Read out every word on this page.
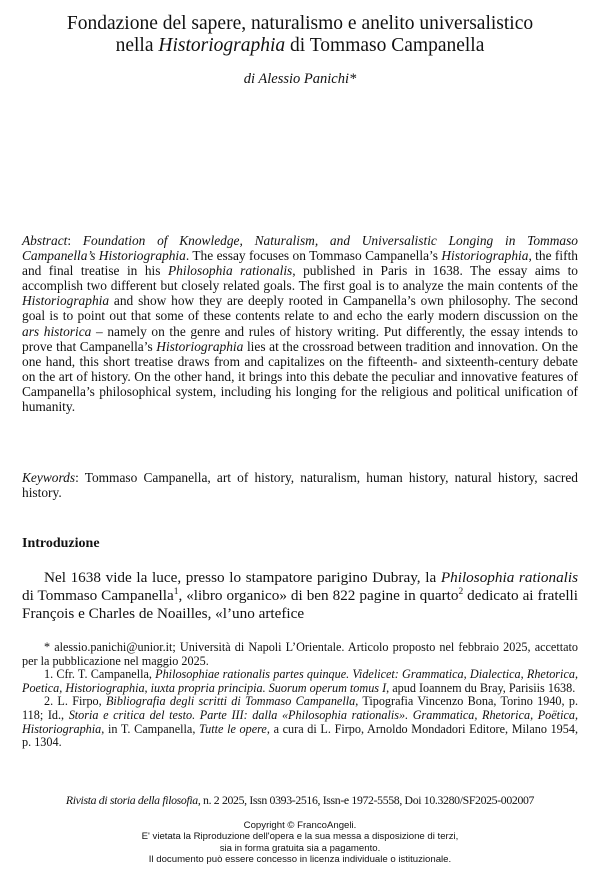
Fondazione del sapere, naturalismo e anelito universalistico
nella Historiographia di Tommaso Campanella
di Alessio Panichi*

Abstract: Foundation of Knowledge, Naturalism, and Universalistic Longing in Tommaso Campanella’s Historiographia. The essay focuses on Tommaso Campanella’s Historiographia, the fifth and final treatise in his Philosophia rationalis, published in Paris in 1638. The essay aims to accomplish two different but closely related goals. The first goal is to analyze the main contents of the Historiographia and show how they are deeply rooted in Campanella’s own philosophy. The second goal is to point out that some of these contents relate to and echo the early modern discussion on the ars historica – namely on the genre and rules of history writing. Put differently, the essay intends to prove that Campanella’s Historiographia lies at the crossroad between tradition and innovation. On the one hand, this short treatise draws from and capitalizes on the fifteenth- and sixteenth-century debate on the art of history. On the other hand, it brings into this debate the peculiar and innovative features of Campanella’s philosophical system, including his longing for the religious and political unification of humanity.

Keywords: Tommaso Campanella, art of history, naturalism, human history, natural history, sacred history.

Introduzione

Nel 1638 vide la luce, presso lo stampatore parigino Dubray, la Philosophia rationalis di Tommaso Campanella$^1$, «libro organico» di ben 822 pagine in quarto$^2$ dedicato ai fratelli François e Charles de Noailles, «l’uno artefice

* alessio.panichi@unior.it; Università di Napoli L’Orientale. Articolo proposto nel febbraio 2025, accettato per la pubblicazione nel maggio 2025.

1. Cfr. T. Campanella, Philosophiae rationalis partes quinque. Videlicet: Grammatica, Dialectica, Rhetorica, Poetica, Historiographia, iuxta propria principia. Suorum operum tomus I, apud Ioannem du Bray, Parisiis 1638.

2. L. Firpo, Bibliografia degli scritti di Tommaso Campanella, Tipografia Vincenzo Bona, Torino 1940, p. 118; Id., Storia e critica del testo. Parte III: dalla «Philosophia rationalis». Grammatica, Rhetorica, Poëtica, Historiographia, in T. Campanella, Tutte le opere, a cura di L. Firpo, Arnoldo Mondadori Editore, Milano 1954, p. 1304.

Rivista di storia della filosofia, n. 2 2025, Issn 0393-2516, Issn-e 1972-5558, Doi 10.3280/SF2025-002007
Copyright © FrancoAngeli.
E' vietata la Riproduzione dell'opera e la sua messa a disposizione di terzi,
sia in forma gratuita sia a pagamento.
Il documento può essere concesso in licenza individuale o istituzionale.
